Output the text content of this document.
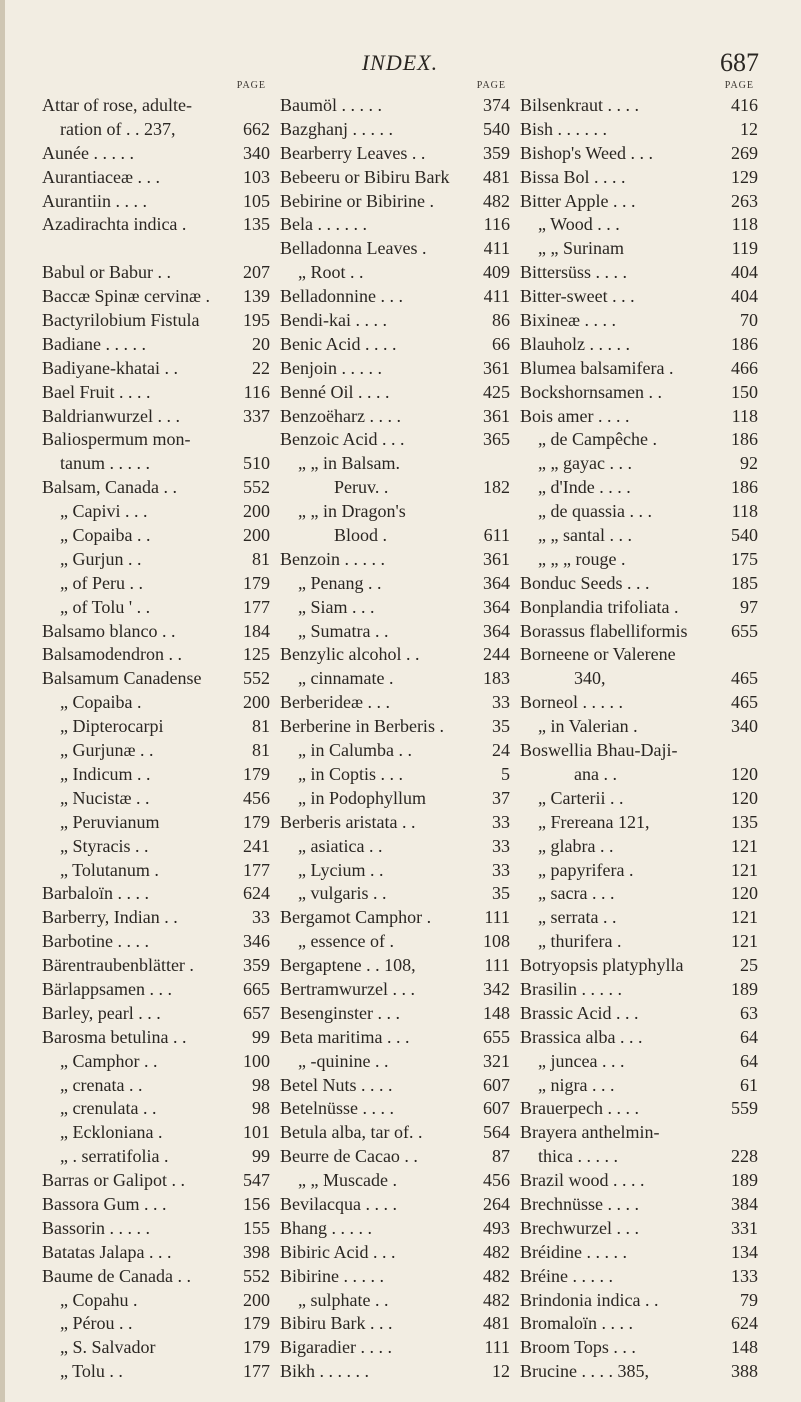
INDEX.	687
PAGE
Attar of rose, adulte-
ration of . . 237,	662
Aunée . . . . .	340
Aurantiaceæ . . .	103
Aurantiin . . . .	105
Azadirachta indica .	135
Babul or Babur . .	207
Baccæ Spinæ cervinæ . 139
Bactyrilobium Fistula 195
Badiane . . . . .	20
Badiyane-khatai . .	22
Bael Fruit . . . .	116
Baldrianwurzel . . .	337
Baliospermum mon-
tanum . . . . .	510
Balsam, Canada . .	552
„ Capivi . . .	200
„ Copaiba . .	200
„ Gurjun . .	81
„ of Peru . .	179
„ of Tolu ' . .	177
Balsamo blanco . .	184
Balsamodendron . .	125
Balsamum Canadense 552
„ Copaiba .	200
„ Dipterocarpi	81
„ Gurjunæ . .	81
„ Indicum . .	179
„ Nucistæ . .	456
„ Peruvianum	179
„ Styracis . .	241
„ Tolutanum .	177
Barbaloïn . . . .	624
Barberry, Indian . .	33
Barbotine . . . .	346
Bärentraubenblätter .	359
Bärlappsamen . . .	665
Barley, pearl . . .	657
Barosma betulina . .	99
„ Camphor . .	100
„ crenata . .	98
„ crenulata . .	98
„ Eckloniana .	101
„ . serratifolia .	99
Barras or Galipot . .	547
Bassora Gum . . .	156
Bassorin . . . . .	155
Batatas Jalapa . . .	398
Baume de Canada . .	552
„ Copahu .	200
„ Pérou . .	179
„ S. Salvador	179
„ Tolu . .	177
PAGE
Baumöl . . . . .	374
Bazghanj . . . . .	540
Bearberry Leaves . .	359
Bebeeru or Bibiru Bark 481
Bebirine or Bibirine .	482
Bela . . . . . .	116
Belladonna Leaves .	411
„ Root . .	409
Belladonnine . . .	411
Bendi-kai . . . .	86
Benic Acid . . . .	66
Benjoin . . . . .	361
Benné Oil . . . .	425
Benzoëharz . . . .	361
Benzoic Acid . . .	365
„ „ in Balsam.
Peruv. .	182
„ „ in Dragon's
Blood .	611
Benzoin . . . . .	361
„ Penang . .	364
„ Siam . . .	364
„ Sumatra . .	364
Benzylic alcohol . .	244
„ cinnamate .	183
Berberideæ . . .	33
Berberine in Berberis .	35
„ in Calumba . .	24
„ in Coptis . . .	5
„ in Podophyllum	37
Berberis aristata . .	33
„ asiatica . .	33
„ Lycium . .	33
„ vulgaris . .	35
Bergamot Camphor .	111
„ essence of .	108
Bergaptene . . 108,	111
Bertramwurzel . . .	342
Besenginster . . .	148
Beta maritima . . .	655
„ -quinine . .	321
Betel Nuts . . . .	607
Betelnüsse . . . .	607
Betula alba, tar of. .	564
Beurre de Cacao . .	87
„ „ Muscade .	456
Bevilacqua . . . .	264
Bhang . . . . .	493
Bibiric Acid . . .	482
Bibirine . . . . .	482
„ sulphate . .	482
Bibiru Bark . . .	481
Bigaradier . . . .	111
Bikh . . . . . .	12
PAGE
Bilsenkraut . . . .	416
Bish . . . . . .	12
Bishop's Weed . . .	269
Bissa Bol . . . .	129
Bitter Apple . . .	263
„ Wood . . .	118
„ „ Surinam	119
Bittersüss . . . .	404
Bitter-sweet . . .	404
Bixineæ . . . .	70
Blauholz . . . . .	186
Blumea balsamifera .	466
Bockshornsamen . .	150
Bois amer . . . .	118
„ de Campêche .	186
„ „ gayac . . .	92
„ d'Inde . . . .	186
„ de quassia . . .	118
„ „ santal . . .	540
„ „ „ rouge .	175
Bonduc Seeds . . .	185
Bonplandia trifoliata .	97
Borassus flabelliformis 655
Borneene or Valerene
340,	465
Borneol . . . . .	465
„ in Valerian .	340
Boswellia Bhau-Daji-
ana . .	120
„ Carterii . .	120
„ Frereana 121,	135
„ glabra . .	121
„ papyrifera .	121
„ sacra . . .	120
„ serrata . .	121
„ thurifera .	121
Botryopsis platyphylla	25
Brasilin . . . . .	189
Brassic Acid . . .	63
Brassica alba . . .	64
„ juncea . . .	64
„ nigra . . .	61
Brauerpech . . . .	559
Brayera anthelmin-
thica . . . . .	228
Brazil wood . . . .	189
Brechnüsse . . . .	384
Brechwurzel . . .	331
Bréidine . . . . .	134
Bréine . . . . .	133
Brindonia indica . .	79
Bromaloïn . . . .	624
Broom Tops . . .	148
Brucine . . . . 385,	388
